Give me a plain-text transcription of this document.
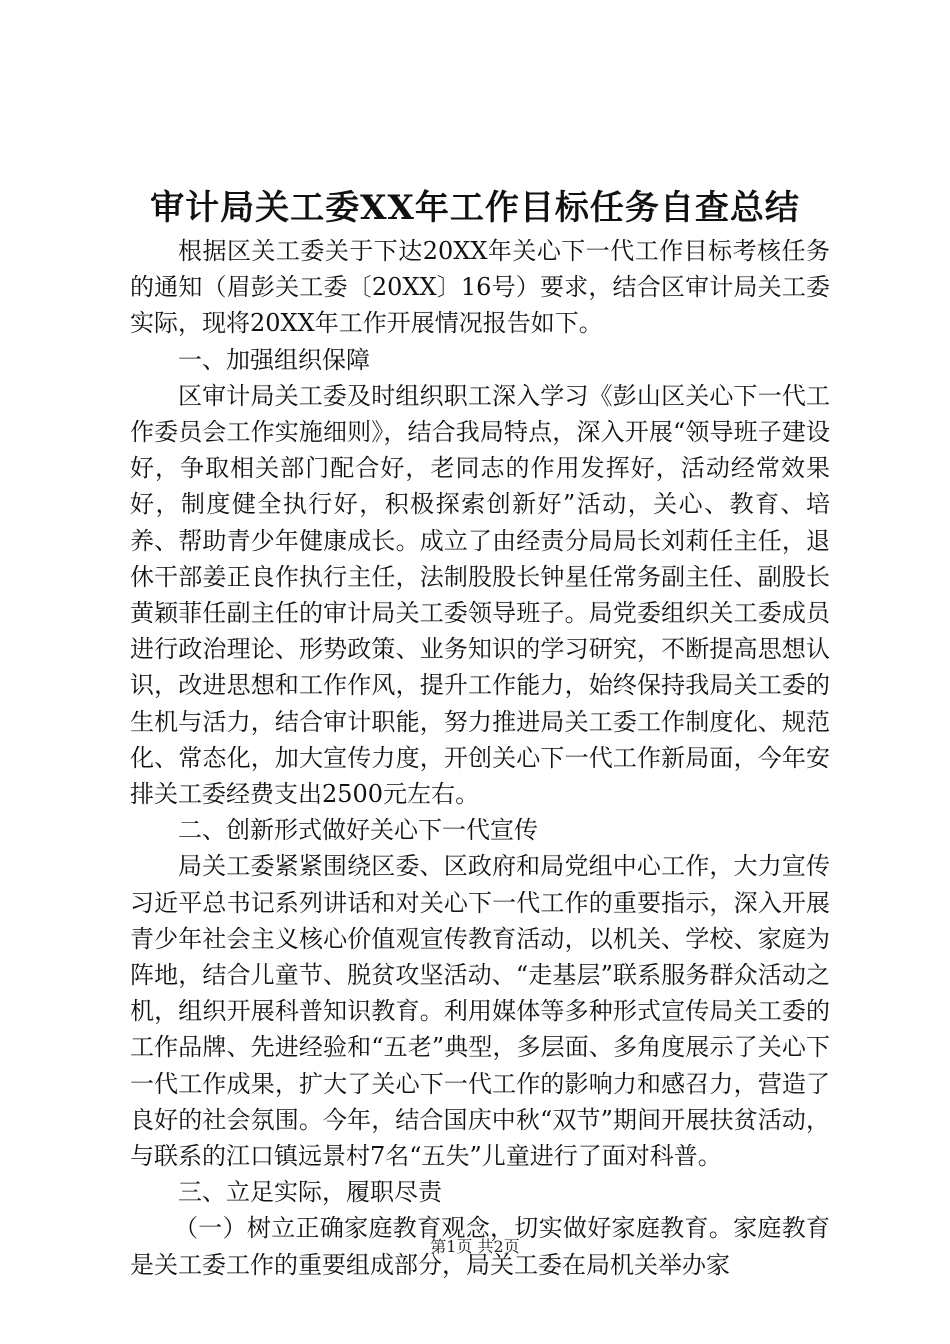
审计局关工委XX年工作目标任务自查总结

根据区关工委关于下达20XX年关心下一代工作目标考核任务的通知（眉彭关工委〔20XX〕16号）要求，结合区审计局关工委实际，现将20XX年工作开展情况报告如下。

一、加强组织保障

区审计局关工委及时组织职工深入学习《彭山区关心下一代工作委员会工作实施细则》，结合我局特点，深入开展“领导班子建设好，争取相关部门配合好，老同志的作用发挥好，活动经常效果好，制度健全执行好，积极探索创新好”活动，关心、教育、培养、帮助青少年健康成长。成立了由经责分局局长刘莉任主任，退休干部姜正良作执行主任，法制股股长钟星任常务副主任、副股长黄颖菲任副主任的审计局关工委领导班子。局党委组织关工委成员进行政治理论、形势政策、业务知识的学习研究，不断提高思想认识，改进思想和工作作风，提升工作能力，始终保持我局关工委的生机与活力，结合审计职能，努力推进局关工委工作制度化、规范化、常态化，加大宣传力度，开创关心下一代工作新局面，今年安排关工委经费支出2500元左右。

二、创新形式做好关心下一代宣传

局关工委紧紧围绕区委、区政府和局党组中心工作，大力宣传习近平总书记系列讲话和对关心下一代工作的重要指示，深入开展青少年社会主义核心价值观宣传教育活动，以机关、学校、家庭为阵地，结合儿童节、脱贫攻坚活动、“走基层”联系服务群众活动之机，组织开展科普知识教育。利用媒体等多种形式宣传局关工委的工作品牌、先进经验和“五老”典型，多层面、多角度展示了关心下一代工作成果，扩大了关心下一代工作的影响力和感召力，营造了良好的社会氛围。今年，结合国庆中秋“双节”期间开展扶贫活动，与联系的江口镇远景村7名“五失”儿童进行了面对科普。

三、立足实际，履职尽责

（一）树立正确家庭教育观念，切实做好家庭教育。家庭教育是关工委工作的重要组成部分，局关工委在局机关举办家

第1页 共2页
